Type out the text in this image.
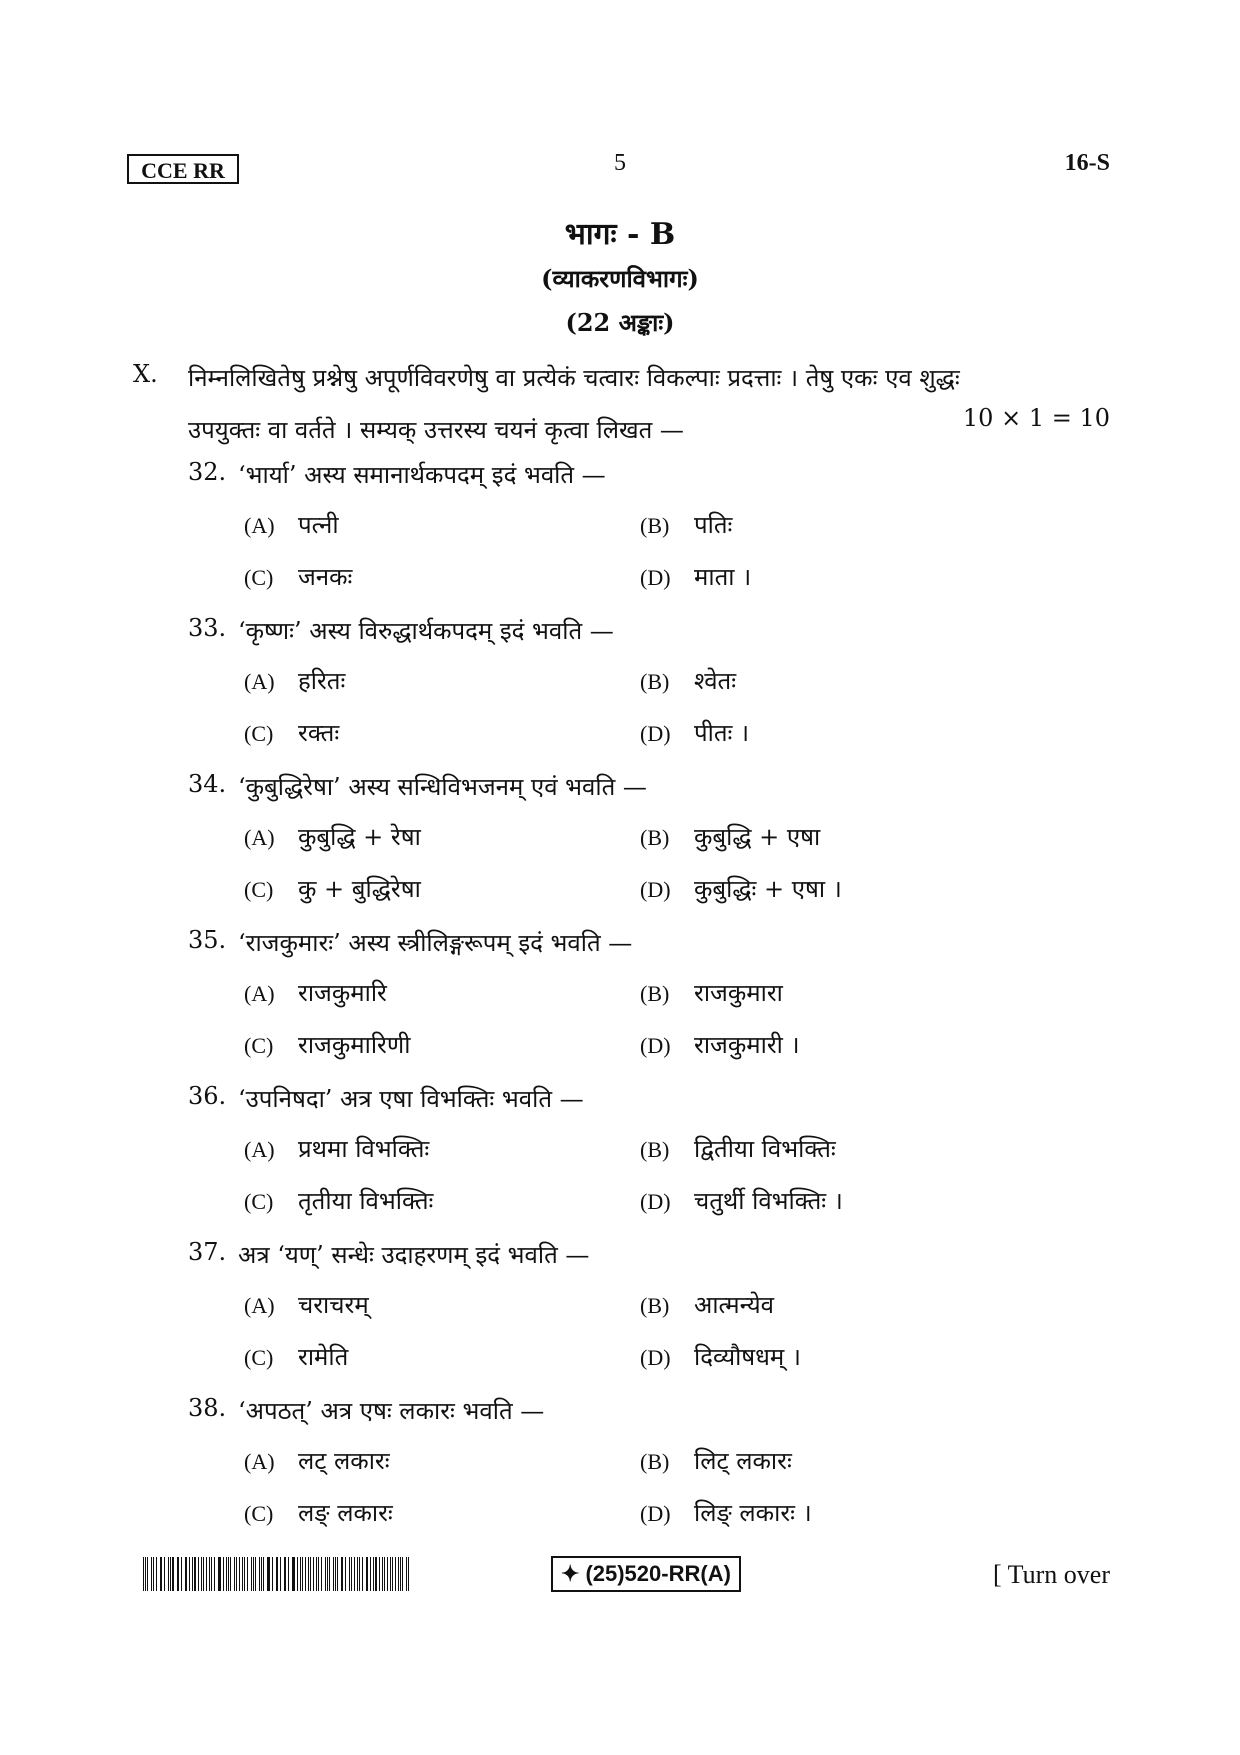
CCE RR	5	16-S
भागः - B
(व्याकरणविभागः)
(22 अङ्काः)
X. निम्नलिखितेषु प्रश्नेषु अपूर्णविवरणेषु वा प्रत्येकं चत्वारः विकल्पाः प्रदत्ताः । तेषु एकः एव शुद्धः
उपयुक्तः वा वर्तते । सम्यक् उत्तरस्य चयनं कृत्वा लिखत —	10 × 1 = 10
32. ‘भार्या’ अस्य समानार्थकपदम् इदं भवति —
(A) पत्नी	(B) पतिः
(C) जनकः	(D) माता ।
33. ‘कृष्णः’ अस्य विरुद्धार्थकपदम् इदं भवति —
(A) हरितः	(B) श्वेतः
(C) रक्तः	(D) पीतः ।
34. ‘कुबुद्धिरेषा’ अस्य सन्धिविभजनम् एवं भवति —
(A) कुबुद्धि + रेषा	(B) कुबुद्धि + एषा
(C) कु + बुद्धिरेषा	(D) कुबुद्धिः + एषा ।
35. ‘राजकुमारः’ अस्य स्त्रीलिङ्गरूपम् इदं भवति —
(A) राजकुमारि	(B) राजकुमारा
(C) राजकुमारिणी	(D) राजकुमारी ।
36. ‘उपनिषदा’ अत्र एषा विभक्तिः भवति —
(A) प्रथमा विभक्तिः	(B) द्वितीया विभक्तिः
(C) तृतीया विभक्तिः	(D) चतुर्थी विभक्तिः ।
37. अत्र ‘यण्’ सन्धेः उदाहरणम् इदं भवति —
(A) चराचरम्	(B) आत्मन्येव
(C) रामेति	(D) दिव्यौषधम् ।
38. ‘अपठत्’ अत्र एषः लकारः भवति —
(A) लट् लकारः	(B) लिट् लकारः
(C) लङ् लकारः	(D) लिङ् लकारः ।
✦ (25)520-RR(A)	[ Turn over
